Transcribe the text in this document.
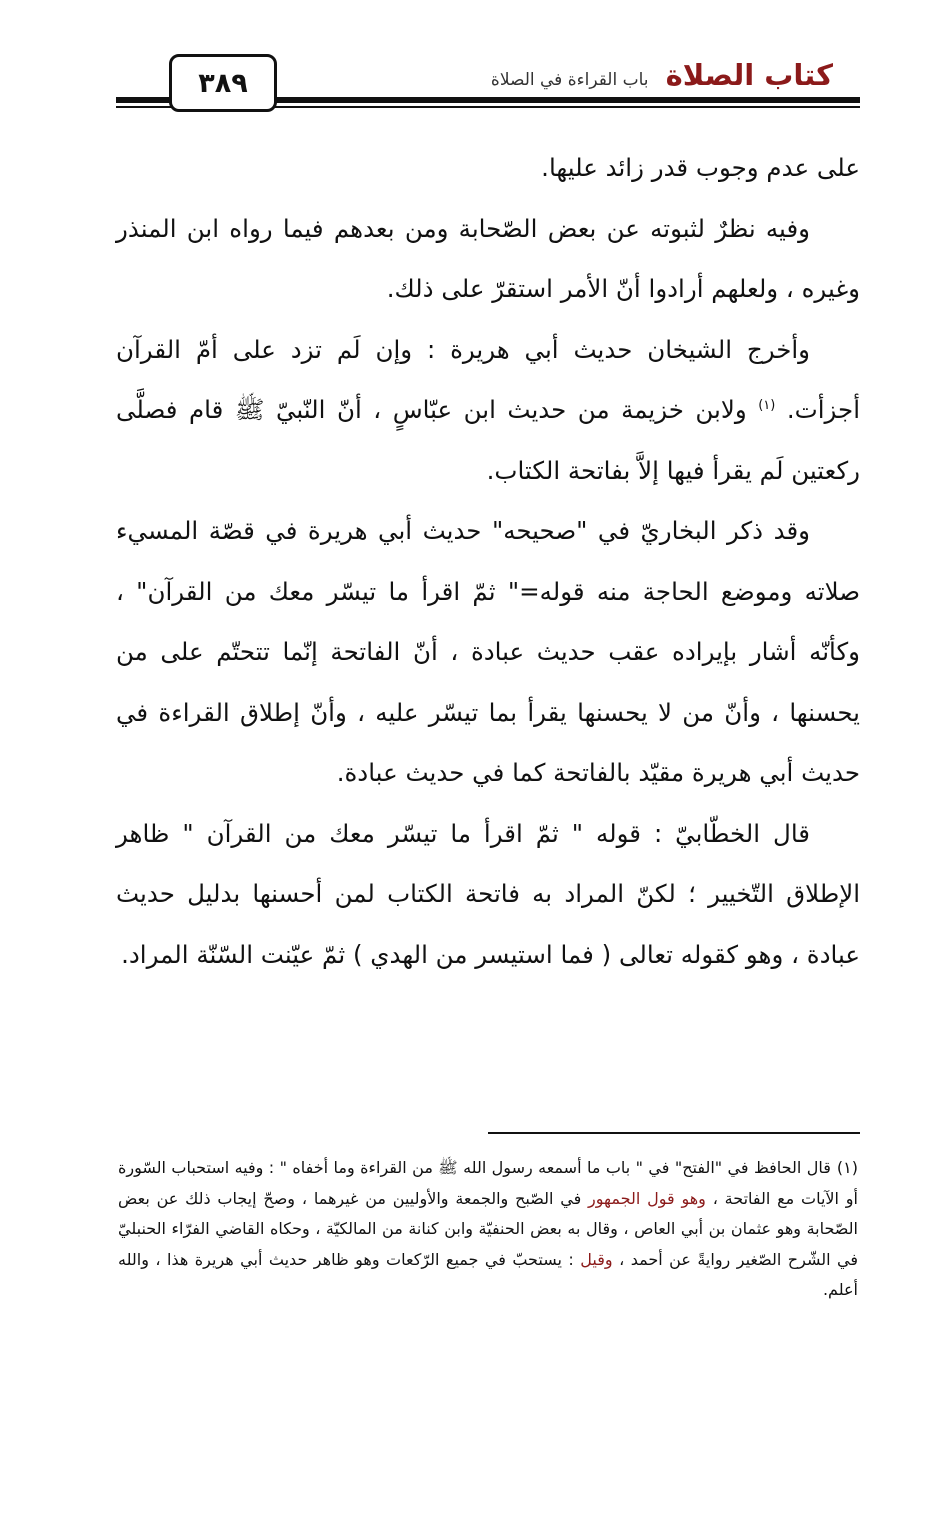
كتاب الصلاة باب القراءة في الصلاة
٣٨٩

على عدم وجوب قدر زائد عليها.

وفيه نظرٌ لثبوته عن بعض الصّحابة ومن بعدهم فيما رواه ابن المنذر وغيره ، ولعلهم أرادوا أنّ الأمر استقرّ على ذلك.

وأخرج الشيخان حديث أبي هريرة : وإن لَم تزد على أمّ القرآن أجزأت. $^{(١)}$ ولابن خزيمة من حديث ابن عبّاسٍ ، أنّ النّبيّ ﷺ قام فصلَّى ركعتين لَم يقرأ فيها إلاَّ بفاتحة الكتاب.

وقد ذكر البخاريّ في "صحيحه" حديث أبي هريرة في قصّة المسيء صلاته وموضع الحاجة منه قوله=" ثمّ اقرأ ما تيسّر معك من القرآن" ، وكأنّه أشار بإيراده عقب حديث عبادة ، أنّ الفاتحة إنّما تتحتّم على من يحسنها ، وأنّ من لا يحسنها يقرأ بما تيسّر عليه ، وأنّ إطلاق القراءة في حديث أبي هريرة مقيّد بالفاتحة كما في حديث عبادة.

قال الخطّابيّ : قوله " ثمّ اقرأ ما تيسّر معك من القرآن " ظاهر الإطلاق التّخيير ؛ لكنّ المراد به فاتحة الكتاب لمن أحسنها بدليل حديث عبادة ، وهو كقوله تعالى ( فما استيسر من الهدي ) ثمّ عيّنت السّنّة المراد.

(١)قال الحافظ في "الفتح" في " باب ما أسمعه رسول الله ﷺ من القراءة وما أخفاه " : وفيه استحباب السّورة أو الآيات مع الفاتحة ، وهو قول الجمهور في الصّبح والجمعة والأوليين من غيرهما ، وصحّ إيجاب ذلك عن بعض الصّحابة وهو عثمان بن أبي العاص ، وقال به بعض الحنفيّة وابن كنانة من المالكيّة ، وحكاه القاضي الفرّاء الحنبليّ في الشّرح الصّغير روايةً عن أحمد ، وقيل : يستحبّ في جميع الرّكعات وهو ظاهر حديث أبي هريرة هذا ، والله أعلم.
